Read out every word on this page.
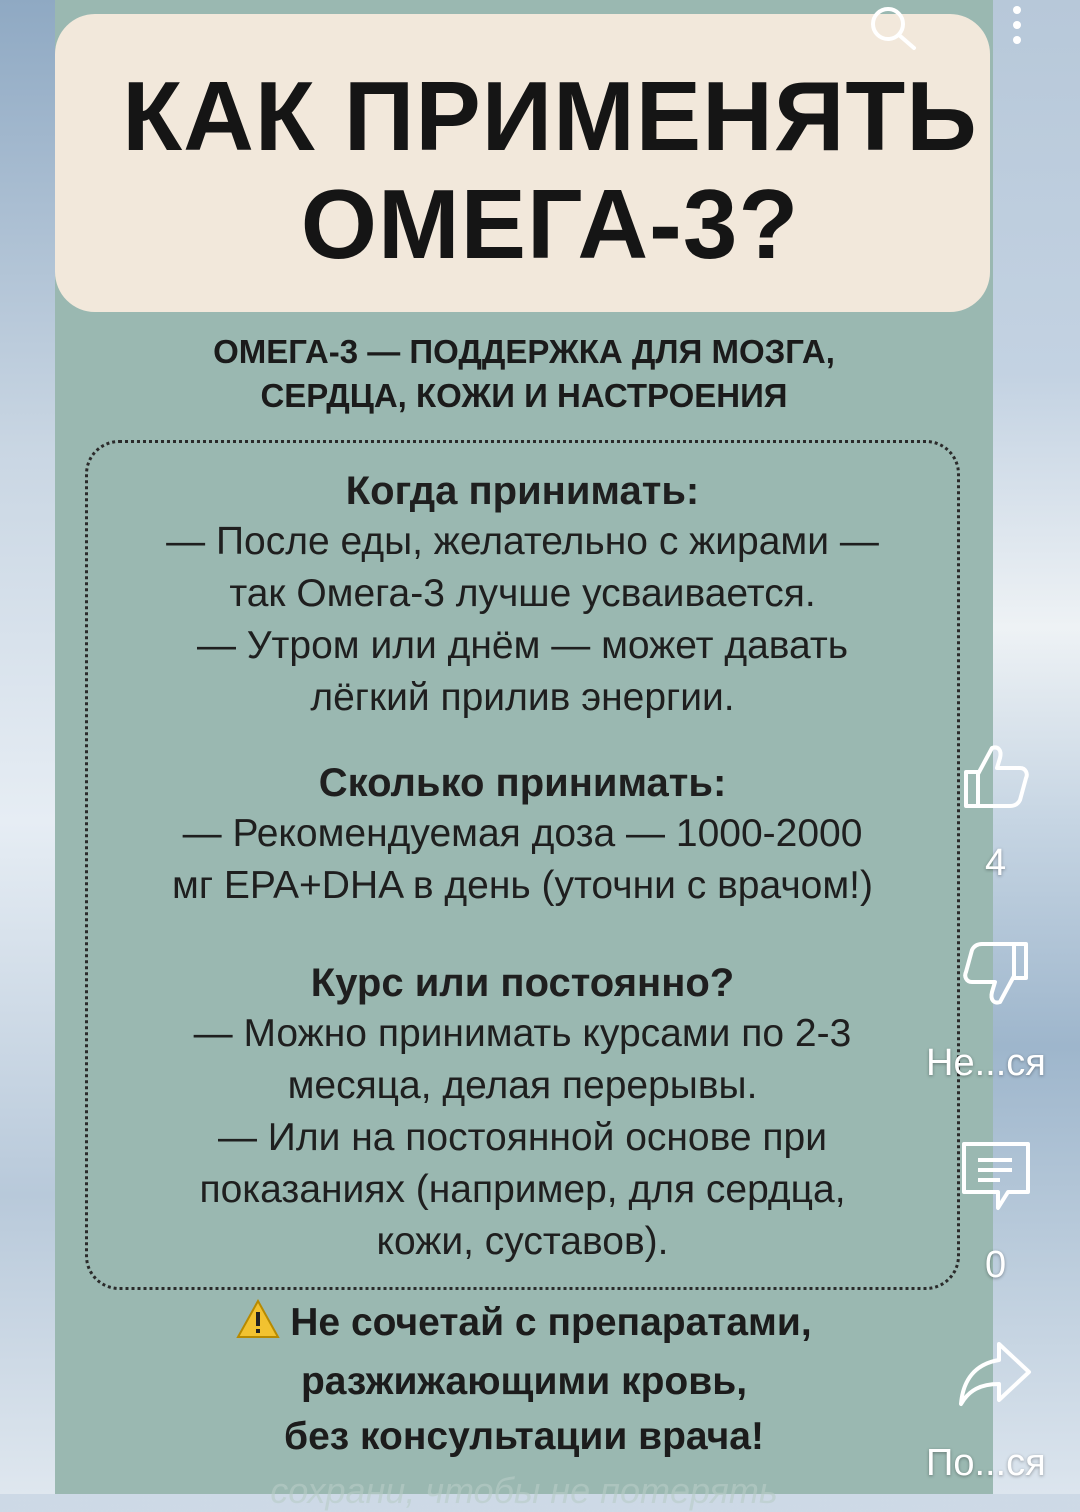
КАК ПРИМЕНЯТЬ
ОМЕГА-3?
ОМЕГА-3 — ПОДДЕРЖКА ДЛЯ МОЗГА,
СЕРДЦА, КОЖИ И НАСТРОЕНИЯ
Когда принимать:

— После еды, желательно с жирами —

так Омега-3 лучше усваивается.

— Утром или днём — может давать

лёгкий прилив энергии.

Сколько принимать:

— Рекомендуемая доза — 1000-2000

мг EPA+DHA в день (уточни с врачом!)

Курс или постоянно?

— Можно принимать курсами по 2-3

месяца, делая перерывы.

— Или на постоянной основе при

показаниях (например, для сердца,

кожи, суставов).

Не сочетай с препаратами,
разжижающими кровь,
без консультации врача!
сохрани, чтобы не потерять
4
Не...ся
0
По...ся
